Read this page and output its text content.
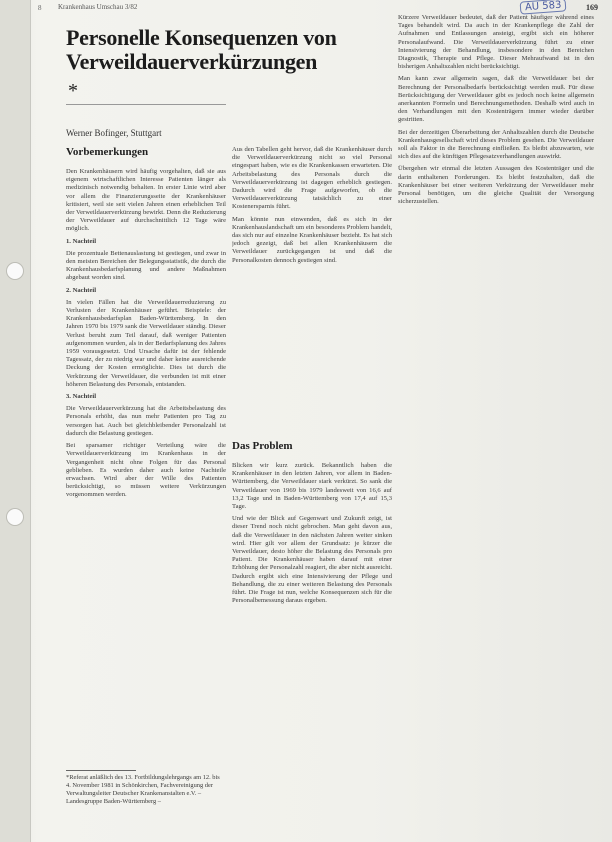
8 Krankenhaus Umschau 3/82	AU 583	169
Personelle Konsequenzen von Verweildauerverkürzungen
*
Werner Bofinger, Stuttgart
Vorbemerkungen

Den Krankenhäusern wird häufig vorgehalten, daß sie aus eigenem wirtschaftlichen Interesse Patienten länger als medizinisch notwendig behalten. In erster Linie wird aber vor allem die Finanzierungsseite der Krankenhäuser kritisiert, weil sie seit vielen Jahren einen erheblichen Teil der Verweildauerverkürzung bewirkt. Denn die Reduzierung der Verweildauer auf durchschnittlich 12 Tage wäre möglich.

1. Nachteil

Die prozentuale Bettenauslastung ist gestiegen, und zwar in den meisten Bereichen der Belegungsstatistik, die durch die Krankenhausbedarfsplanung und andere Maßnahmen abgebaut worden sind.

2. Nachteil

In vielen Fällen hat die Verweildauerreduzierung zu Verlusten der Krankenhäuser geführt. Beispiele: der Krankenhausbedarfsplan Baden-Württemberg. In den Jahren 1970 bis 1979 sank die Verweildauer ständig. Dieser Verlust beruht zum Teil darauf, daß weniger Patienten aufgenommen wurden, als in der Bedarfsplanung des Jahres 1959 vorausgesetzt. Und Ursache dafür ist der fehlende Tagessatz, der zu niedrig war und daher keine ausreichende Deckung der Kosten ermöglichte. Dies ist durch die Verkürzung der Verweildauer, die verbunden ist mit einer höheren Belastung des Personals, entstanden.

3. Nachteil

Die Verweildauerverkürzung hat die Arbeitsbelastung des Personals erhöht, das nun mehr Patienten pro Tag zu versorgen hat. Auch bei gleichbleibender Personalzahl ist dadurch die Belastung gestiegen.

Bei sparsamer richtiger Verteilung wäre die Verweildauerverkürzung im Krankenhaus in der Vergangenheit nicht ohne Folgen für das Personal geblieben. Es wurden daher auch keine Nachteile erwachsen. Wird aber der Wille des Patienten berücksichtigt, so müssen weitere Verkürzungen vorgenommen werden.

*Referat anläßlich des 13. Fortbildungslehrgangs am 12. bis 4. November 1981 in Schönkirchen, Fachvereinigung der Verwaltungsleiter Deutscher Krankenanstalten e.V. – Landesgruppe Baden-Württemberg –

Aus den Tabellen geht hervor, daß die Krankenhäuser durch die Verweildauerverkürzung nicht so viel Personal eingespart haben, wie es die Krankenkassen erwarteten. Die Arbeitsbelastung des Personals durch die Verweildauerverkürzung ist dagegen erheblich gestiegen. Dadurch wird die Frage aufgeworfen, ob die Verweildauerverkürzung tatsächlich zu einer Kostenersparnis führt.

Man könnte nun einwenden, daß es sich in der Krankenhauslandschaft um ein besonderes Problem handelt, das sich nur auf einzelne Krankenhäuser bezieht. Es hat sich jedoch gezeigt, daß bei allen Krankenhäusern die Verweildauer zurückgegangen ist und daß die Personalkosten dennoch gestiegen sind.

Das Problem

Blicken wir kurz zurück. Bekanntlich haben die Krankenhäuser in den letzten Jahren, vor allem in Baden-Württemberg, die Verweildauer stark verkürzt. So sank die Verweildauer von 1969 bis 1979 landesweit von 16,6 auf 13,2 Tage und in Baden-Württemberg von 17,4 auf 15,3 Tage.

Und wie der Blick auf Gegenwart und Zukunft zeigt, ist dieser Trend noch nicht gebrochen. Man geht davon aus, daß die Verweildauer in den nächsten Jahren weiter sinken wird. Hier gilt vor allem der Grundsatz: je kürzer die Verweildauer, desto höher die Belastung des Personals pro Patient. Die Krankenhäuser haben darauf mit einer Erhöhung der Personalzahl reagiert, die aber nicht ausreicht. Dadurch ergibt sich eine Intensivierung der Pflege und Behandlung, die zu einer weiteren Belastung des Personals führt. Die Frage ist nun, welche Konsequenzen sich für die Personalbemessung daraus ergeben.

Kürzere Verweildauer bedeutet, daß der Patient häufiger während eines Tages behandelt wird. Da auch in der Krankenpflege die Zahl der Aufnahmen und Entlassungen ansteigt, ergibt sich ein höherer Personalaufwand. Die Verweildauerverkürzung führt zu einer Intensivierung der Behandlung, insbesondere in den Bereichen Diagnostik, Therapie und Pflege. Dieser Mehraufwand ist in den bisherigen Anhaltszahlen nicht berücksichtigt.

Man kann zwar allgemein sagen, daß die Verweildauer bei der Berechnung der Personalbedarfs berücksichtigt werden muß. Für diese Berücksichtigung der Verweildauer gibt es jedoch noch keine allgemein anerkannten Formeln und Berechnungsmethoden. Deshalb wird auch in den Verhandlungen mit den Kostenträgern immer wieder darüber gestritten.

Bei der derzeitigen Überarbeitung der Anhaltszahlen durch die Deutsche Krankenhausgesellschaft wird dieses Problem gesehen. Die Verweildauer soll als Faktor in die Berechnung einfließen. Es bleibt abzuwarten, wie sich dies auf die künftigen Pflegesatzverhandlungen auswirkt.

Übergehen wir einmal die letzten Aussagen des Kostenträger und die darin enthaltenen Forderungen. Es bleibt festzuhalten, daß die Krankenhäuser bei einer weiteren Verkürzung der Verweildauer mehr Personal benötigen, um die gleiche Qualität der Versorgung sicherzustellen.
